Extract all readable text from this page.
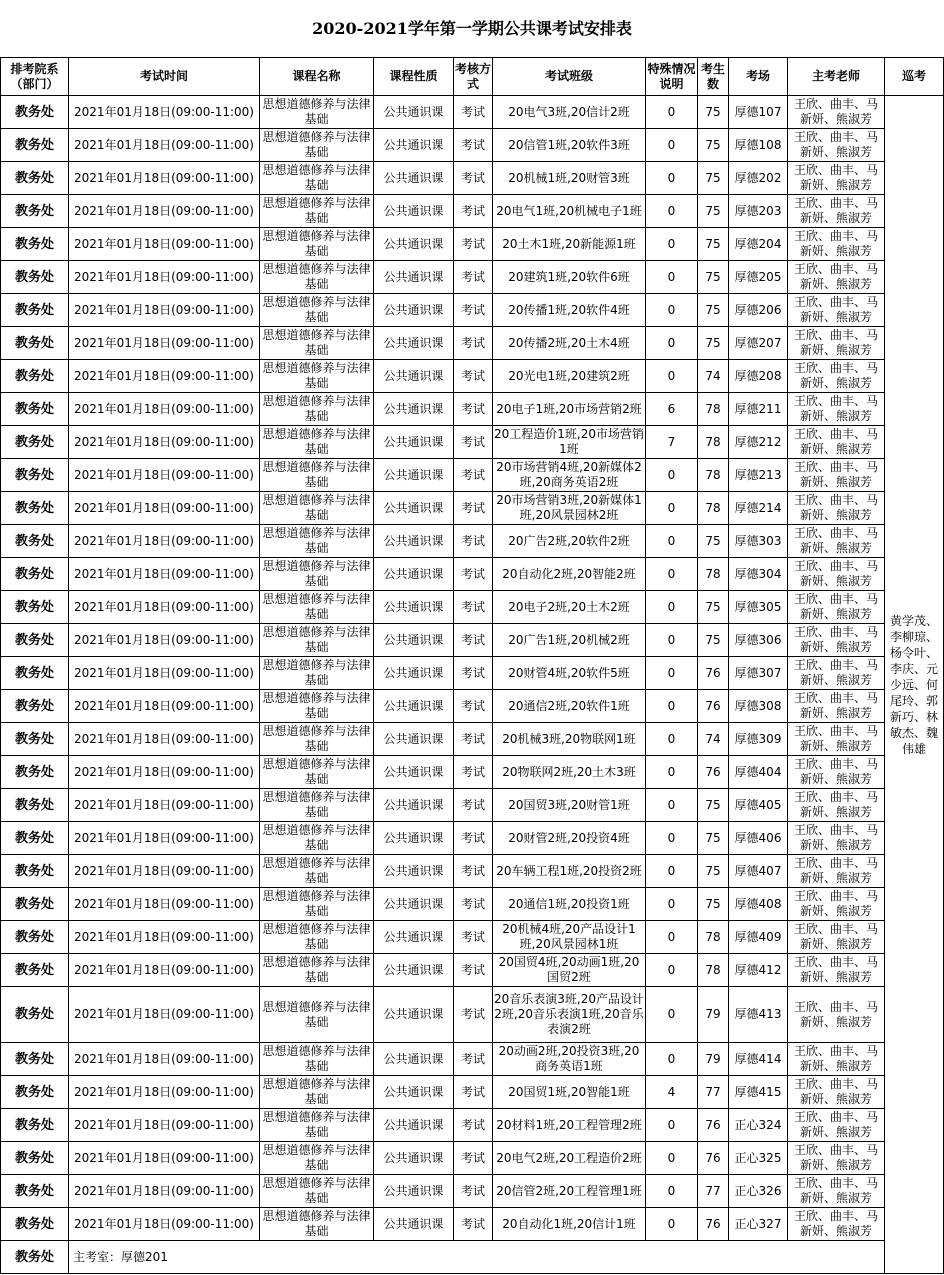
2020-2021学年第一学期公共课考试安排表
排考院系（部门）	考试时间	课程名称	课程性质	考核方式	考试班级	特殊情况说明	考生数	考场	主考老师	巡考
教务处	2021年01月18日(09:00-11:00)	思想道德修养与法律基础	公共通识课	考试	20电气3班,20信计2班	0	75	厚德107	王欣、曲丰、马新妍、熊淑芳	黄学茂、李柳琼、杨令叶、李庆、元少远、何尾玲、郭新巧、林敏杰、魏伟雄
教务处	2021年01月18日(09:00-11:00)	思想道德修养与法律基础	公共通识课	考试	20信管1班,20软件3班	0	75	厚德108	王欣、曲丰、马新妍、熊淑芳	
教务处	2021年01月18日(09:00-11:00)	思想道德修养与法律基础	公共通识课	考试	20机械1班,20财管3班	0	75	厚德202	王欣、曲丰、马新妍、熊淑芳	
教务处	2021年01月18日(09:00-11:00)	思想道德修养与法律基础	公共通识课	考试	20电气1班,20机械电子1班	0	75	厚德203	王欣、曲丰、马新妍、熊淑芳	
教务处	2021年01月18日(09:00-11:00)	思想道德修养与法律基础	公共通识课	考试	20土木1班,20新能源1班	0	75	厚德204	王欣、曲丰、马新妍、熊淑芳	
教务处	2021年01月18日(09:00-11:00)	思想道德修养与法律基础	公共通识课	考试	20建筑1班,20软件6班	0	75	厚德205	王欣、曲丰、马新妍、熊淑芳	
教务处	2021年01月18日(09:00-11:00)	思想道德修养与法律基础	公共通识课	考试	20传播1班,20软件4班	0	75	厚德206	王欣、曲丰、马新妍、熊淑芳	
教务处	2021年01月18日(09:00-11:00)	思想道德修养与法律基础	公共通识课	考试	20传播2班,20土木4班	0	75	厚德207	王欣、曲丰、马新妍、熊淑芳	
教务处	2021年01月18日(09:00-11:00)	思想道德修养与法律基础	公共通识课	考试	20光电1班,20建筑2班	0	74	厚德208	王欣、曲丰、马新妍、熊淑芳	
教务处	2021年01月18日(09:00-11:00)	思想道德修养与法律基础	公共通识课	考试	20电子1班,20市场营销2班	6	78	厚德211	王欣、曲丰、马新妍、熊淑芳	
教务处	2021年01月18日(09:00-11:00)	思想道德修养与法律基础	公共通识课	考试	20工程造价1班,20市场营销1班	7	78	厚德212	王欣、曲丰、马新妍、熊淑芳	
教务处	2021年01月18日(09:00-11:00)	思想道德修养与法律基础	公共通识课	考试	20市场营销4班,20新媒体2班,20商务英语2班	0	78	厚德213	王欣、曲丰、马新妍、熊淑芳	
教务处	2021年01月18日(09:00-11:00)	思想道德修养与法律基础	公共通识课	考试	20市场营销3班,20新媒体1班,20风景园林2班	0	78	厚德214	王欣、曲丰、马新妍、熊淑芳	
教务处	2021年01月18日(09:00-11:00)	思想道德修养与法律基础	公共通识课	考试	20广告2班,20软件2班	0	75	厚德303	王欣、曲丰、马新妍、熊淑芳	
教务处	2021年01月18日(09:00-11:00)	思想道德修养与法律基础	公共通识课	考试	20自动化2班,20智能2班	0	78	厚德304	王欣、曲丰、马新妍、熊淑芳	
教务处	2021年01月18日(09:00-11:00)	思想道德修养与法律基础	公共通识课	考试	20电子2班,20土木2班	0	75	厚德305	王欣、曲丰、马新妍、熊淑芳	
教务处	2021年01月18日(09:00-11:00)	思想道德修养与法律基础	公共通识课	考试	20广告1班,20机械2班	0	75	厚德306	王欣、曲丰、马新妍、熊淑芳	
教务处	2021年01月18日(09:00-11:00)	思想道德修养与法律基础	公共通识课	考试	20财管4班,20软件5班	0	76	厚德307	王欣、曲丰、马新妍、熊淑芳	
教务处	2021年01月18日(09:00-11:00)	思想道德修养与法律基础	公共通识课	考试	20通信2班,20软件1班	0	76	厚德308	王欣、曲丰、马新妍、熊淑芳	
教务处	2021年01月18日(09:00-11:00)	思想道德修养与法律基础	公共通识课	考试	20机械3班,20物联网1班	0	74	厚德309	王欣、曲丰、马新妍、熊淑芳	
教务处	2021年01月18日(09:00-11:00)	思想道德修养与法律基础	公共通识课	考试	20物联网2班,20土木3班	0	76	厚德404	王欣、曲丰、马新妍、熊淑芳	
教务处	2021年01月18日(09:00-11:00)	思想道德修养与法律基础	公共通识课	考试	20国贸3班,20财管1班	0	75	厚德405	王欣、曲丰、马新妍、熊淑芳	
教务处	2021年01月18日(09:00-11:00)	思想道德修养与法律基础	公共通识课	考试	20财管2班,20投资4班	0	75	厚德406	王欣、曲丰、马新妍、熊淑芳	
教务处	2021年01月18日(09:00-11:00)	思想道德修养与法律基础	公共通识课	考试	20车辆工程1班,20投资2班	0	75	厚德407	王欣、曲丰、马新妍、熊淑芳	
教务处	2021年01月18日(09:00-11:00)	思想道德修养与法律基础	公共通识课	考试	20通信1班,20投资1班	0	75	厚德408	王欣、曲丰、马新妍、熊淑芳	
教务处	2021年01月18日(09:00-11:00)	思想道德修养与法律基础	公共通识课	考试	20机械4班,20产品设计1班,20风景园林1班	0	78	厚德409	王欣、曲丰、马新妍、熊淑芳	
教务处	2021年01月18日(09:00-11:00)	思想道德修养与法律基础	公共通识课	考试	20国贸4班,20动画1班,20国贸2班	0	78	厚德412	王欣、曲丰、马新妍、熊淑芳	
教务处	2021年01月18日(09:00-11:00)	思想道德修养与法律基础	公共通识课	考试	20音乐表演3班,20产品设计2班,20音乐表演1班,20音乐表演2班	0	79	厚德413	王欣、曲丰、马新妍、熊淑芳	
教务处	2021年01月18日(09:00-11:00)	思想道德修养与法律基础	公共通识课	考试	20动画2班,20投资3班,20商务英语1班	0	79	厚德414	王欣、曲丰、马新妍、熊淑芳	
教务处	2021年01月18日(09:00-11:00)	思想道德修养与法律基础	公共通识课	考试	20国贸1班,20智能1班	4	77	厚德415	王欣、曲丰、马新妍、熊淑芳	
教务处	2021年01月18日(09:00-11:00)	思想道德修养与法律基础	公共通识课	考试	20材料1班,20工程管理2班	0	76	正心324	王欣、曲丰、马新妍、熊淑芳	
教务处	2021年01月18日(09:00-11:00)	思想道德修养与法律基础	公共通识课	考试	20电气2班,20工程造价2班	0	76	正心325	王欣、曲丰、马新妍、熊淑芳	
教务处	2021年01月18日(09:00-11:00)	思想道德修养与法律基础	公共通识课	考试	20信管2班,20工程管理1班	0	77	正心326	王欣、曲丰、马新妍、熊淑芳	
教务处	2021年01月18日(09:00-11:00)	思想道德修养与法律基础	公共通识课	考试	20自动化1班,20信计1班	0	76	正心327	王欣、曲丰、马新妍、熊淑芳	
教务处	主考室：厚德201									
